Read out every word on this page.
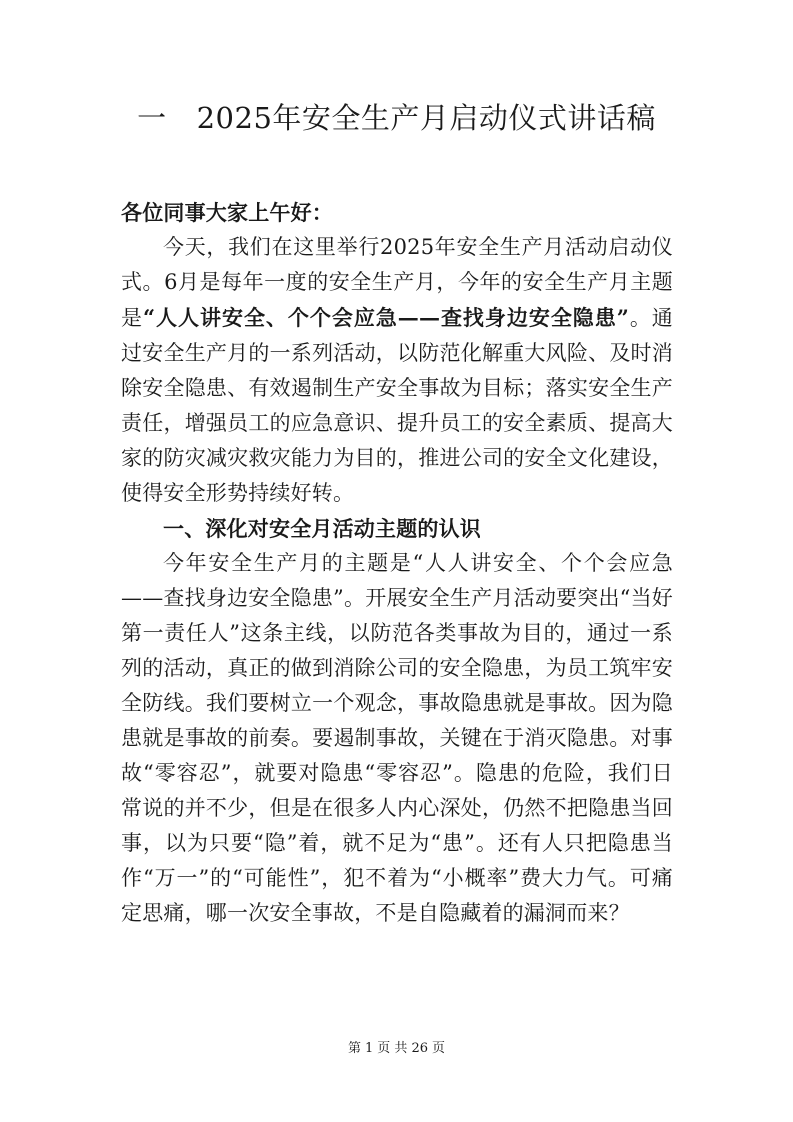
一 2025年安全生产月启动仪式讲话稿

各位同事大家上午好：

今天，我们在这里举行2025年安全生产月活动启动仪式。6月是每年一度的安全生产月，今年的安全生产月主题是“人人讲安全、个个会应急——查找身边安全隐患”。通过安全生产月的一系列活动，以防范化解重大风险、及时消除安全隐患、有效遏制生产安全事故为目标；落实安全生产责任，增强员工的应急意识、提升员工的安全素质、提高大家的防灾减灾救灾能力为目的，推进公司的安全文化建设，使得安全形势持续好转。

一、深化对安全月活动主题的认识

今年安全生产月的主题是“人人讲安全、个个会应急——查找身边安全隐患”。开展安全生产月活动要突出“当好第一责任人”这条主线，以防范各类事故为目的，通过一系列的活动，真正的做到消除公司的安全隐患，为员工筑牢安全防线。我们要树立一个观念，事故隐患就是事故。因为隐患就是事故的前奏。要遏制事故，关键在于消灭隐患。对事故“零容忍”，就要对隐患“零容忍”。隐患的危险，我们日常说的并不少，但是在很多人内心深处，仍然不把隐患当回事，以为只要“隐”着，就不足为“患”。还有人只把隐患当作“万一”的“可能性”，犯不着为“小概率”费大力气。可痛定思痛，哪一次安全事故，不是自隐藏着的漏洞而来？

第 1 页 共 26 页
